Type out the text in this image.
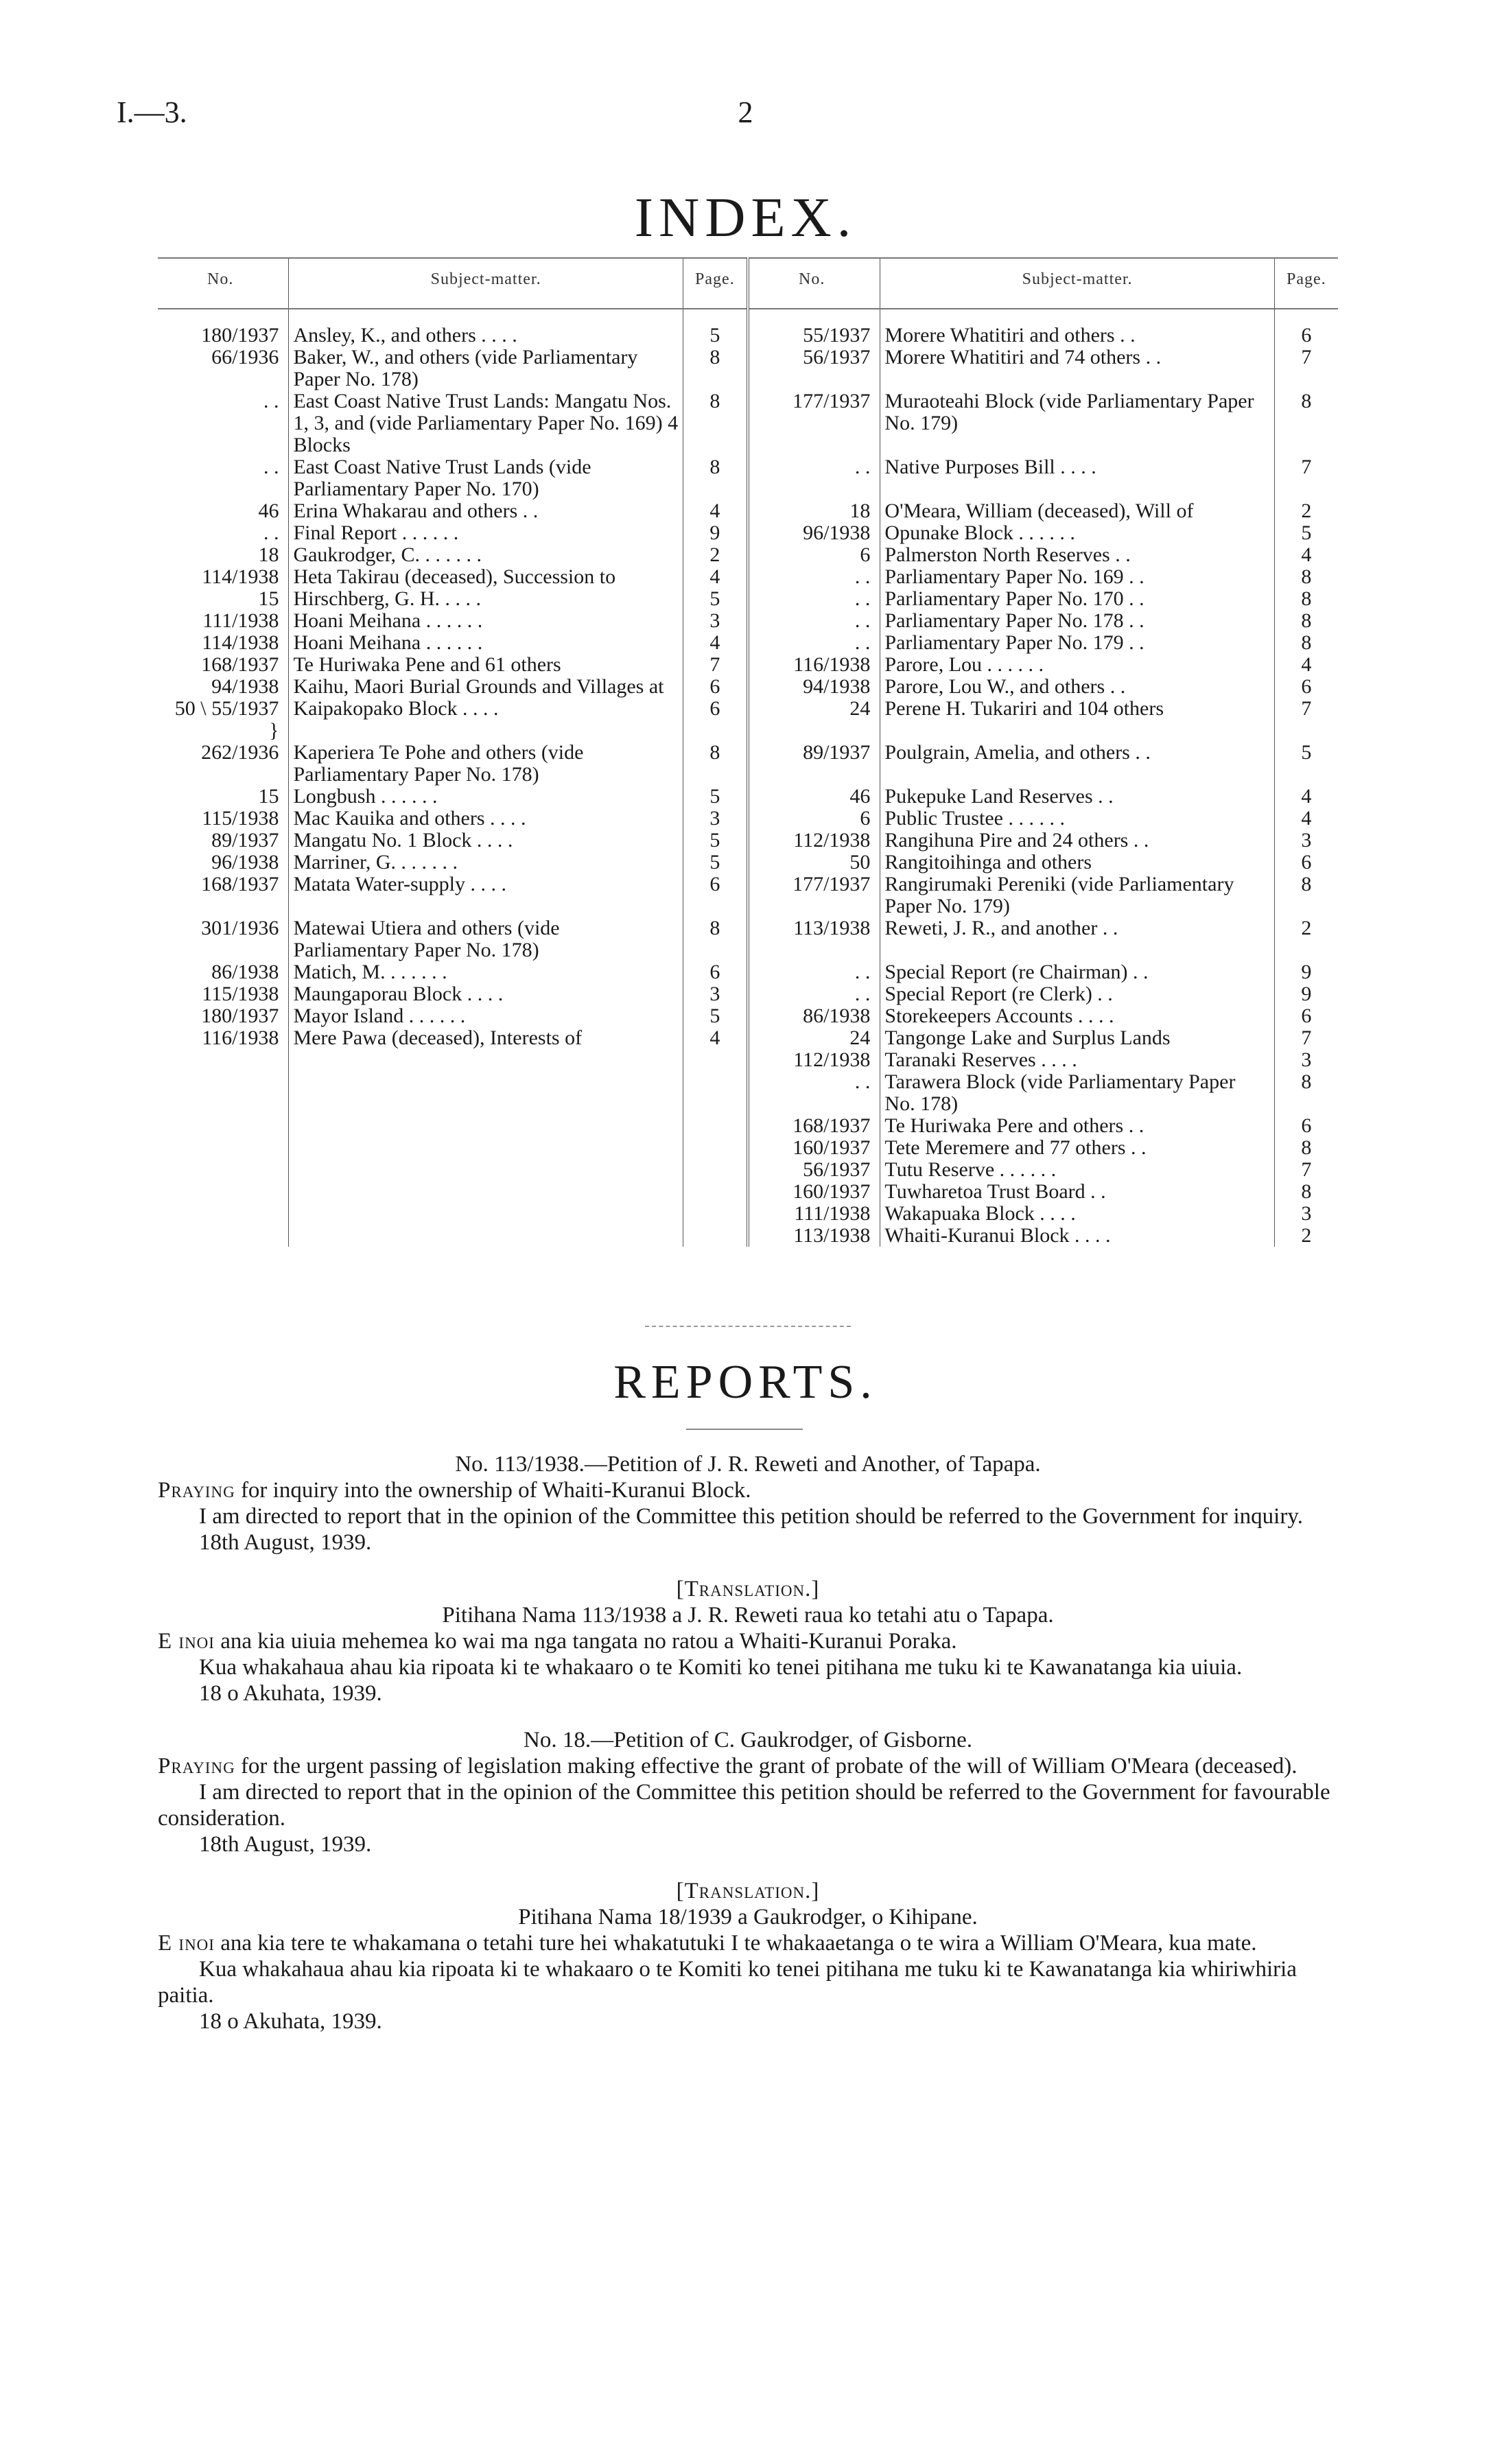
I.—3.	2
INDEX.
No.	Subject-matter.	Page.	No.	Subject-matter.	Page.
180/1937	Ansley, K., and others . . . .	5	55/1937	Morere Whatitiri and others . .	6
66/1936	Baker, W., and others (vide Parliamentary Paper No. 178)	8	56/1937	Morere Whatitiri and 74 others . .	7
. .	East Coast Native Trust Lands: Mangatu Nos. 1, 3, and (vide Parliamentary Paper No. 169) 4 Blocks	8	177/1937	Muraoteahi Block (vide Parliamentary Paper No. 179)	8
. .	East Coast Native Trust Lands (vide Parliamentary Paper No. 170)	8	. .	Native Purposes Bill . . . .	7
46	Erina Whakarau and others . .	4	18	O'Meara, William (deceased), Will of	2
. .	Final Report . . . . . .	9	96/1938	Opunake Block . . . . . .	5
18	Gaukrodger, C. . . . . . .	2	6	Palmerston North Reserves . .	4
114/1938	Heta Takirau (deceased), Succession to	4	. .	Parliamentary Paper No. 169 . .	8
15	Hirschberg, G. H. . . . .	5	. .	Parliamentary Paper No. 170 . .	8
111/1938	Hoani Meihana . . . . . .	3	. .	Parliamentary Paper No. 178 . .	8
114/1938	Hoani Meihana . . . . . .	4	. .	Parliamentary Paper No. 179 . .	8
168/1937	Te Huriwaka Pene and 61 others	7	116/1938	Parore, Lou . . . . . .	4
94/1938	Kaihu, Maori Burial Grounds and Villages at	6	94/1938	Parore, Lou W., and others . .	6
50 \ 55/1937 }	Kaipakopako Block . . . .	6	24	Perene H. Tukariri and 104 others	7
262/1936	Kaperiera Te Pohe and others (vide Parliamentary Paper No. 178)	8	89/1937	Poulgrain, Amelia, and others . .	5
15	Longbush . . . . . .	5	46	Pukepuke Land Reserves . .	4
115/1938	Mac Kauika and others . . . .	3	6	Public Trustee . . . . . .	4
89/1937	Mangatu No. 1 Block . . . .	5	112/1938	Rangihuna Pire and 24 others . .	3
96/1938	Marriner, G. . . . . . .	5	50	Rangitoihinga and others	6
168/1937	Matata Water-supply . . . .	6	177/1937	Rangirumaki Pereniki (vide Parliamentary Paper No. 179)	8
301/1936	Matewai Utiera and others (vide Parliamentary Paper No. 178)	8	113/1938	Reweti, J. R., and another . .	2
86/1938	Matich, M. . . . . . .	6	. .	Special Report (re Chairman) . .	9
115/1938	Maungaporau Block . . . .	3	. .	Special Report (re Clerk) . .	9
180/1937	Mayor Island . . . . . .	5	86/1938	Storekeepers Accounts . . . .	6
116/1938	Mere Pawa (deceased), Interests of	4	24	Tangonge Lake and Surplus Lands	7
			112/1938	Taranaki Reserves . . . .	3
			. .	Tarawera Block (vide Parliamentary Paper No. 178)	8
			168/1937	Te Huriwaka Pere and others . .	6
			160/1937	Tete Meremere and 77 others . .	8
			56/1937	Tutu Reserve . . . . . .	7
			160/1937	Tuwharetoa Trust Board . .	8
			111/1938	Wakapuaka Block . . . .	3
			113/1938	Whaiti-Kuranui Block . . . .	2
REPORTS.

No. 113/1938.—Petition of J. R. Reweti and Another, of Tapapa.

Praying for inquiry into the ownership of Whaiti-Kuranui Block.

I am directed to report that in the opinion of the Committee this petition should be referred to the Government for inquiry.

18th August, 1939.

[Translation.]

Pitihana Nama 113/1938 a J. R. Reweti raua ko tetahi atu o Tapapa.

E inoi ana kia uiuia mehemea ko wai ma nga tangata no ratou a Whaiti-Kuranui Poraka.

Kua whakahaua ahau kia ripoata ki te whakaaro o te Komiti ko tenei pitihana me tuku ki te Kawanatanga kia uiuia.

18 o Akuhata, 1939.

No. 18.—Petition of C. Gaukrodger, of Gisborne.

Praying for the urgent passing of legislation making effective the grant of probate of the will of William O'Meara (deceased).

I am directed to report that in the opinion of the Committee this petition should be referred to the Government for favourable consideration.

18th August, 1939.

[Translation.]

Pitihana Nama 18/1939 a Gaukrodger, o Kihipane.

E inoi ana kia tere te whakamana o tetahi ture hei whakatutuki I te whakaaetanga o te wira a William O'Meara, kua mate.

Kua whakahaua ahau kia ripoata ki te whakaaro o te Komiti ko tenei pitihana me tuku ki te Kawanatanga kia whiriwhiria paitia.

18 o Akuhata, 1939.
